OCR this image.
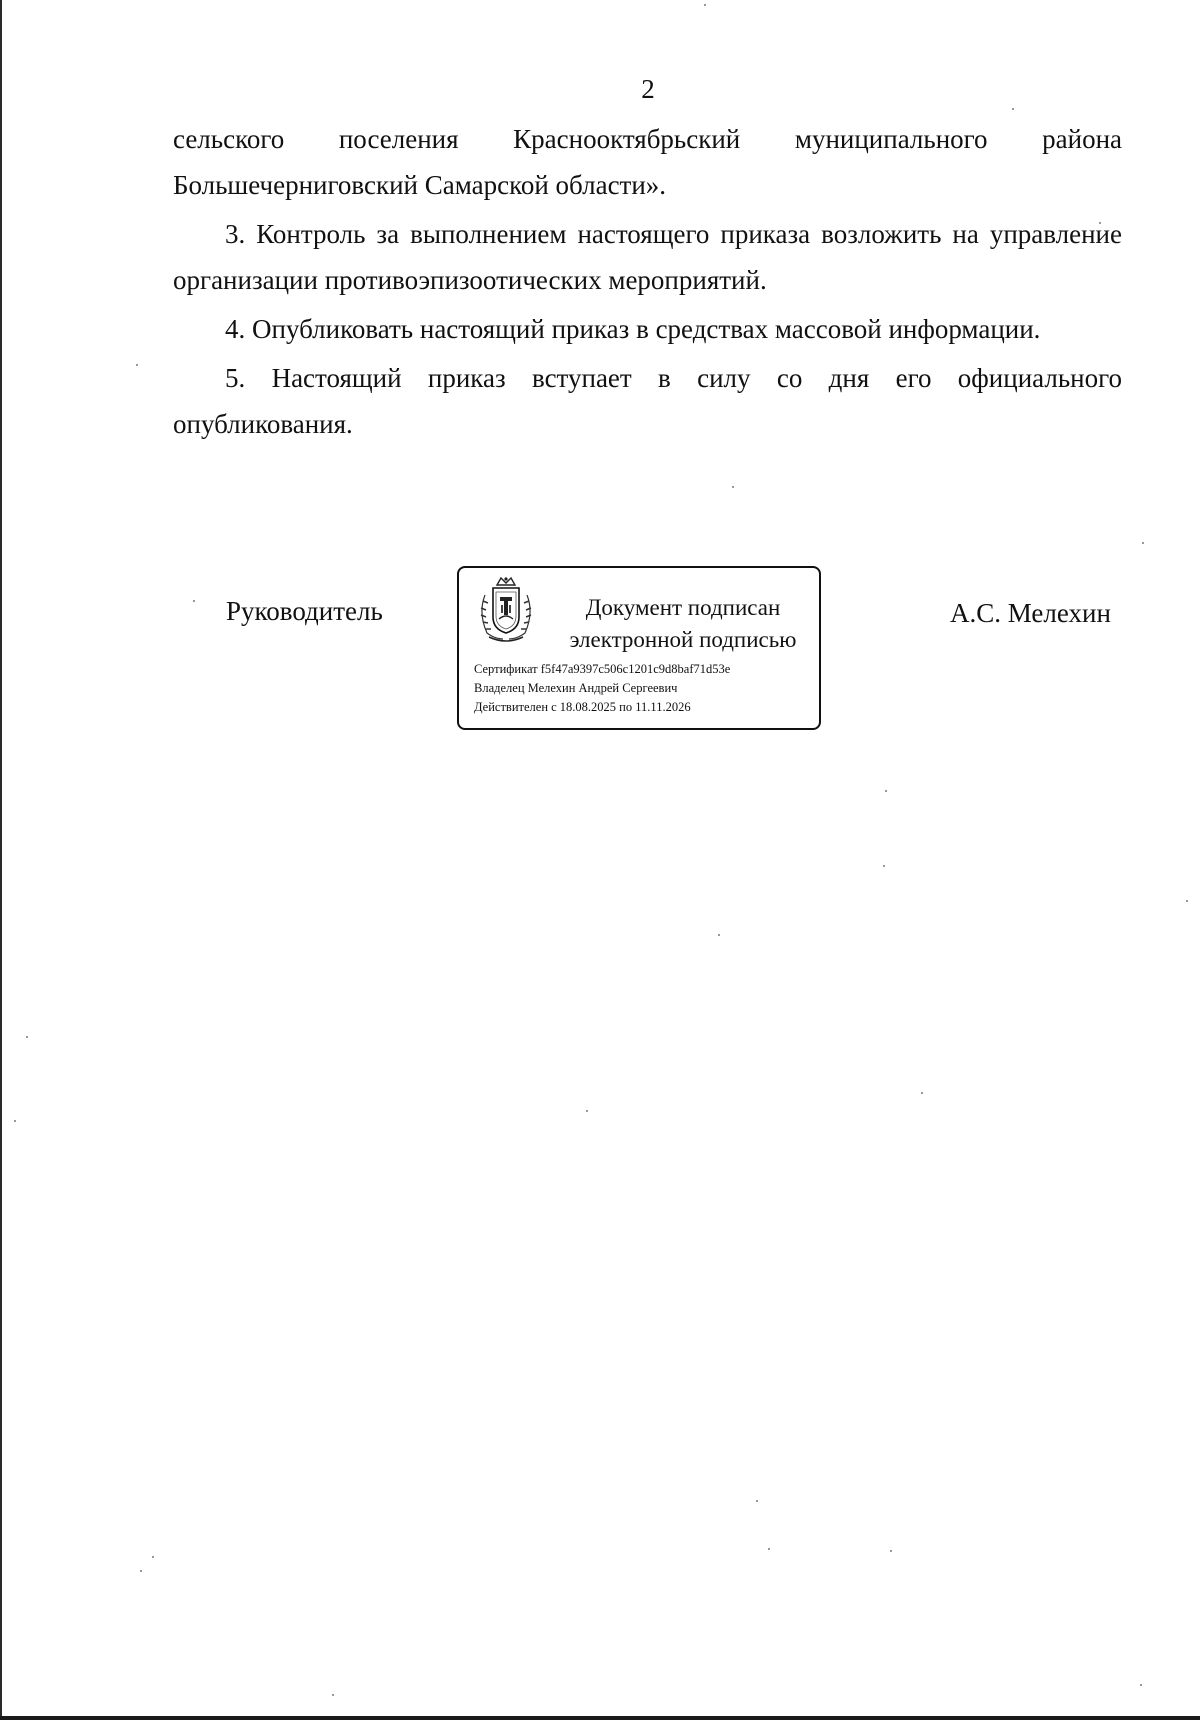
2
сельского поселения Краснооктябрьский муниципального района
Большечерниговский Самарской области».

3. Контроль за выполнением настоящего приказа возложить на управление организации противоэпизоотических мероприятий.

4. Опубликовать настоящий приказ в средствах массовой информации.

5. Настоящий приказ вступает в силу со дня его официального опубликования.

Руководитель	Документ подписан
электронной подписью
Сертификат f5f47a9397c506c1201c9d8baf71d53e
Владелец Мелехин Андрей Сергеевич
Действителен с 18.08.2025 по 11.11.2026
А.С. Мелехин
